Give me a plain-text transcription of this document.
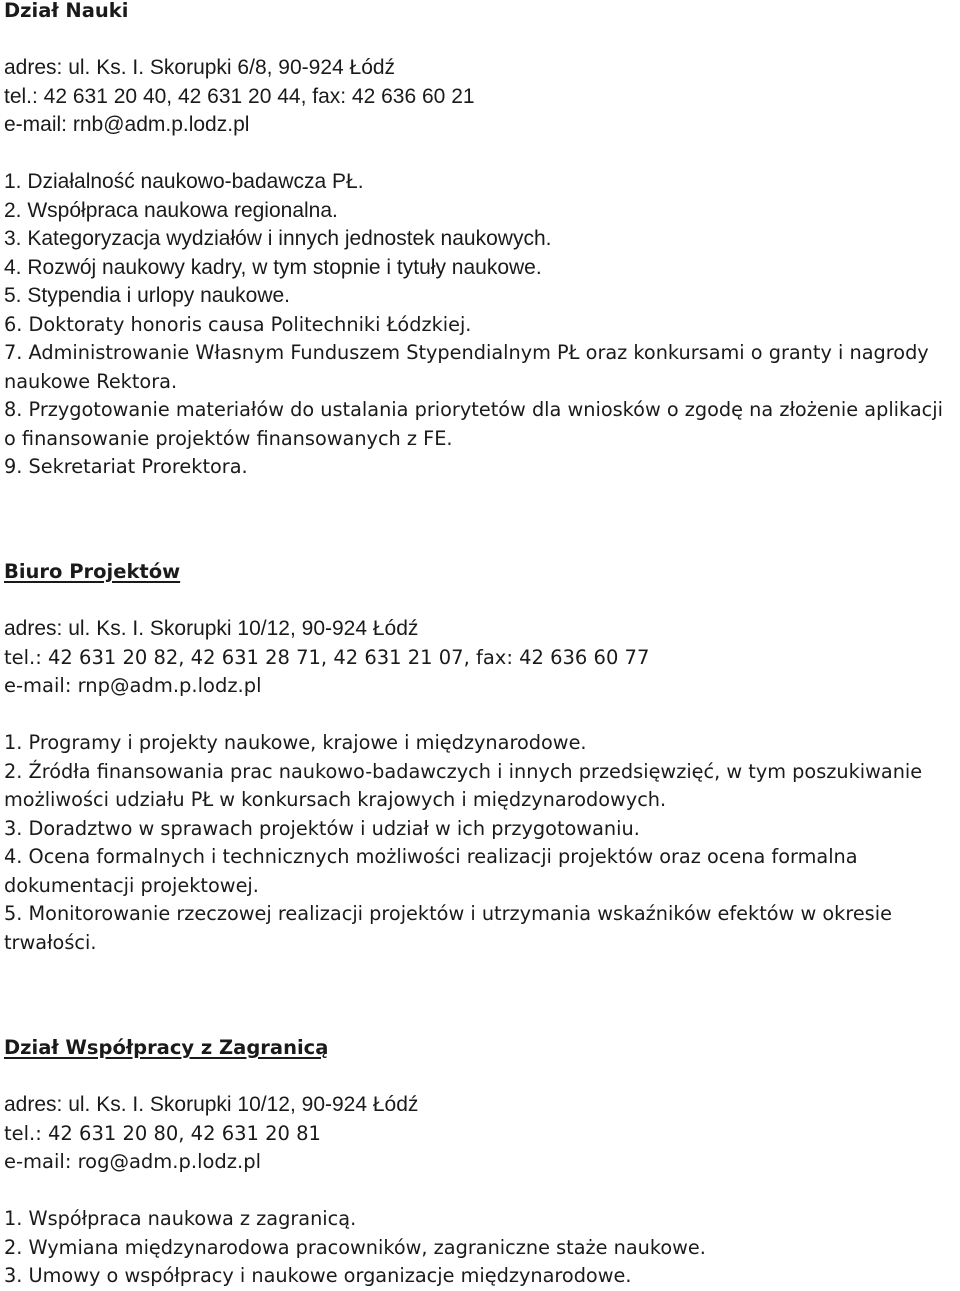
Dział Nauki
adres: ul. Ks. I. Skorupki 6/8, 90-924 Łódź
tel.: 42 631 20 40, 42 631 20 44, fax: 42 636 60 21
e-mail: rnb@adm.p.lodz.pl
1. Działalność naukowo-badawcza PŁ.
2. Współpraca naukowa regionalna.
3. Kategoryzacja wydziałów i innych jednostek naukowych.
4. Rozwój naukowy kadry, w tym stopnie i tytuły naukowe.
5. Stypendia i urlopy naukowe.
6. Doktoraty honoris causa Politechniki Łódzkiej.
7. Administrowanie Własnym Funduszem Stypendialnym PŁ oraz konkursami o granty i nagrody naukowe Rektora.
8. Przygotowanie materiałów do ustalania priorytetów dla wniosków o zgodę na złożenie aplikacji o finansowanie projektów finansowanych z FE.
9. Sekretariat Prorektora.
Biuro Projektów
adres: ul. Ks. I. Skorupki 10/12, 90-924 Łódź
tel.: 42 631 20 82, 42 631 28 71, 42 631 21 07, fax: 42 636 60 77
e-mail: rnp@adm.p.lodz.pl
1. Programy i projekty naukowe, krajowe i międzynarodowe.
2. Źródła finansowania prac naukowo-badawczych i innych przedsięwzięć, w tym poszukiwanie możliwości udziału PŁ w konkursach krajowych i międzynarodowych.
3. Doradztwo w sprawach projektów i udział w ich przygotowaniu.
4. Ocena formalnych i technicznych możliwości realizacji projektów oraz ocena formalna dokumentacji projektowej.
5. Monitorowanie rzeczowej realizacji projektów i utrzymania wskaźników efektów w okresie trwałości.
Dział Współpracy z Zagranicą
adres: ul. Ks. I. Skorupki 10/12, 90-924 Łódź
tel.: 42 631 20 80, 42 631 20 81
e-mail: rog@adm.p.lodz.pl
1. Współpraca naukowa z zagranicą.
2. Wymiana międzynarodowa pracowników, zagraniczne staże naukowe.
3. Umowy o współpracy i naukowe organizacje międzynarodowe.
